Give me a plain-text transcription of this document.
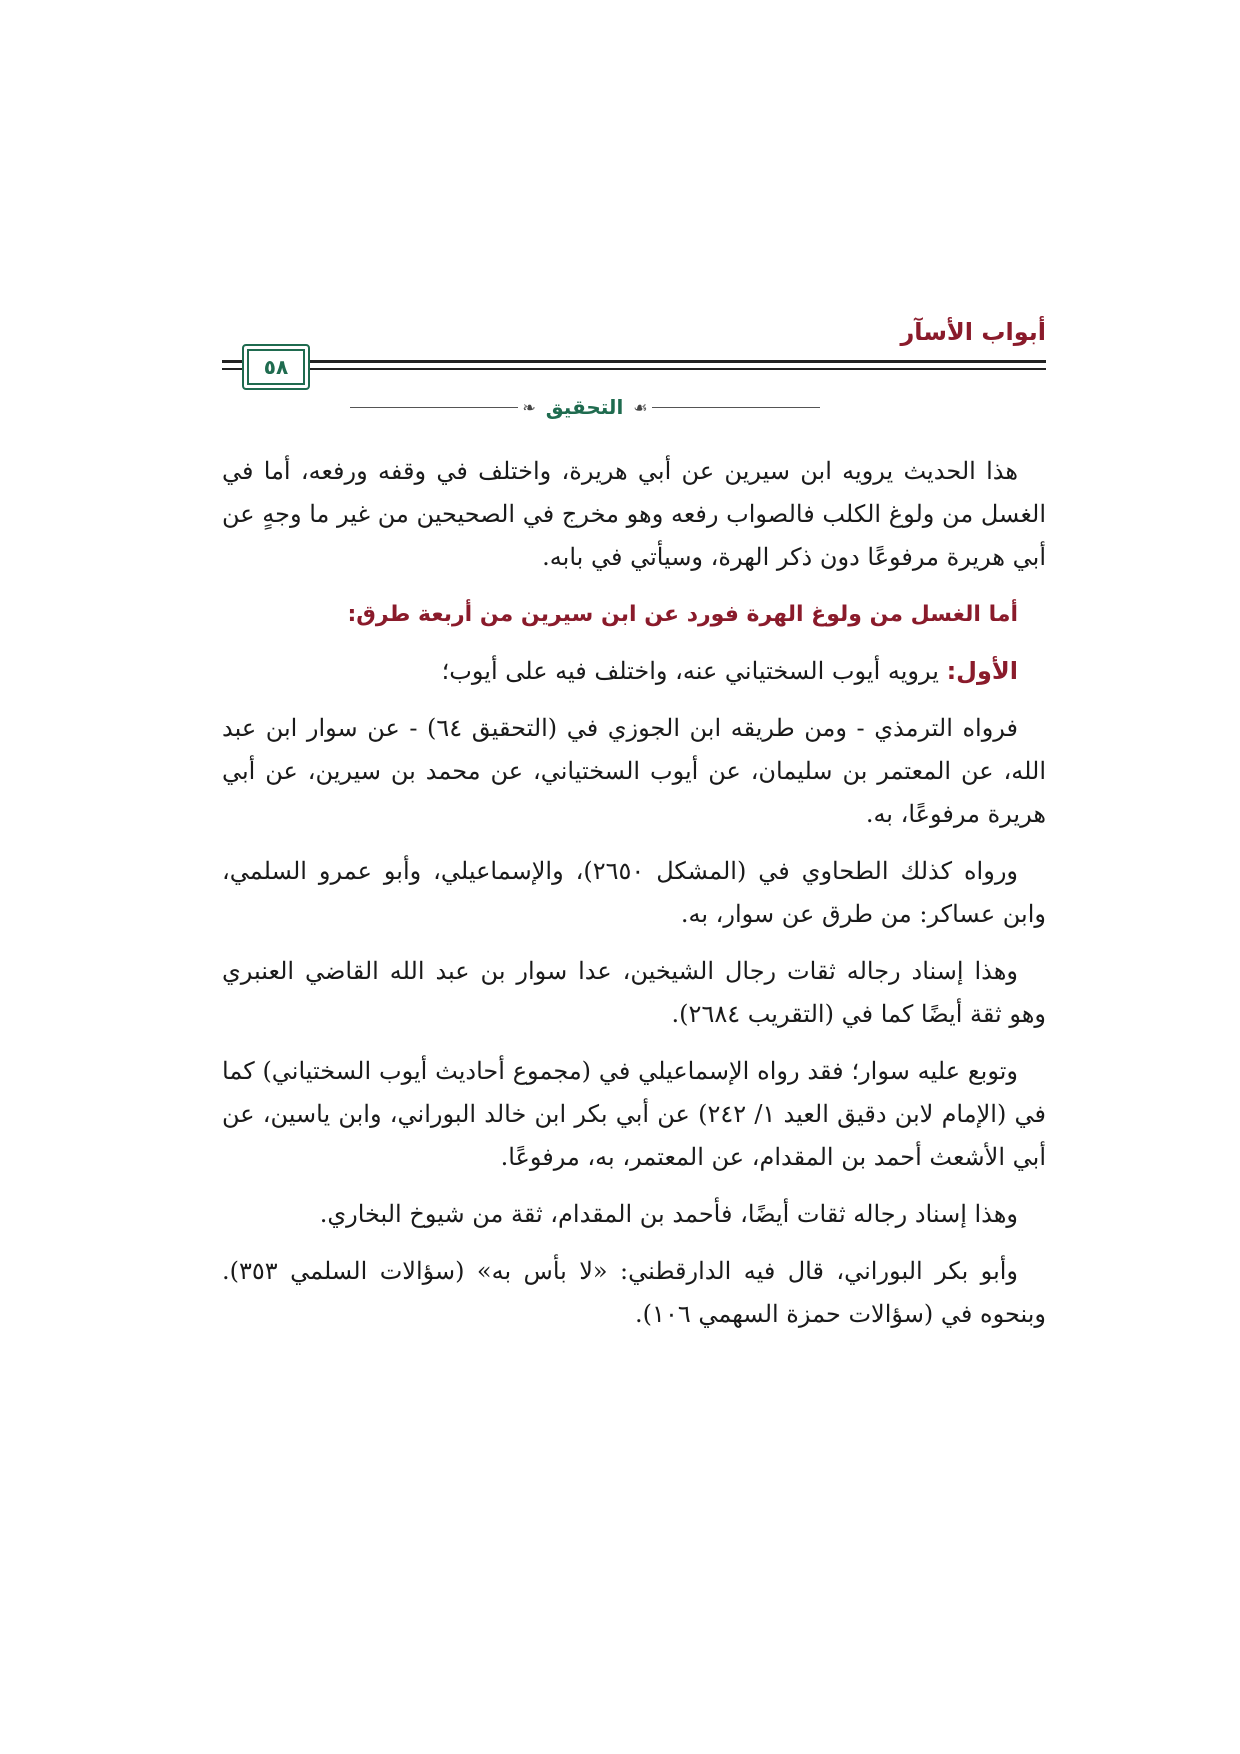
أبواب الأسآر
٥٨
☙
التحقيق
❧

هذا الحديث يرويه ابن سيرين عن أبي هريرة، واختلف في وقفه ورفعه، أما في الغسل من ولوغ الكلب فالصواب رفعه وهو مخرج في الصحيحين من غير ما وجهٍ عن أبي هريرة مرفوعًا دون ذكر الهرة، وسيأتي في بابه.

أما الغسل من ولوغ الهرة فورد عن ابن سيرين من أربعة طرق:

الأول: يرويه أيوب السختياني عنه، واختلف فيه على أيوب؛

فرواه الترمذي - ومن طريقه ابن الجوزي في (التحقيق ٦٤) - عن سوار ابن عبد الله، عن المعتمر بن سليمان، عن أيوب السختياني، عن محمد بن سيرين، عن أبي هريرة مرفوعًا، به.

ورواه كذلك الطحاوي في (المشكل ٢٦٥٠)، والإسماعيلي، وأبو عمرو السلمي، وابن عساكر: من طرق عن سوار، به.

وهذا إسناد رجاله ثقات رجال الشيخين، عدا سوار بن عبد الله القاضي العنبري وهو ثقة أيضًا كما في (التقريب ٢٦٨٤).

وتوبع عليه سوار؛ فقد رواه الإسماعيلي في (مجموع أحاديث أيوب السختياني) كما في (الإمام لابن دقيق العيد ١/ ٢٤٢) عن أبي بكر ابن خالد البوراني، وابن ياسين، عن أبي الأشعث أحمد بن المقدام، عن المعتمر، به، مرفوعًا.

وهذا إسناد رجاله ثقات أيضًا، فأحمد بن المقدام، ثقة من شيوخ البخاري.

وأبو بكر البوراني، قال فيه الدارقطني: «لا بأس به» (سؤالات السلمي ٣٥٣). وبنحوه في (سؤالات حمزة السهمي ١٠٦).
